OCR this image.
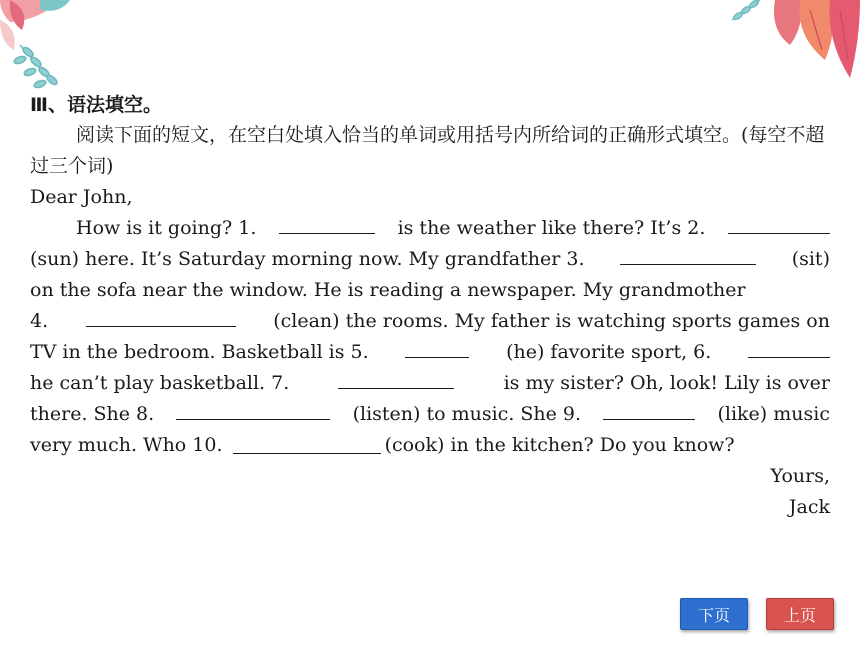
Ⅲ、语法填空。
阅读下面的短文，在空白处填入恰当的单词或用括号内所给词的正确形式填空。(每空不超过三个词)
Dear John,
How is it going? 1.	is the weather like there? It’s 2.
(sun) here. It’s Saturday morning now. My grandfather 3.	(sit)
on the sofa near the window. He is reading a newspaper. My grandmother
4.	(clean) the rooms. My father is watching sports games on
TV in the bedroom. Basketball is 5.	(he) favorite sport, 6.
he can’t play basketball. 7.	is my sister? Oh, look! Lily is over
there. She 8.	(listen) to music. She 9.	(like) music
very much. Who 10.	(cook) in the kitchen? Do you know?
Yours,
Jack
下页	上页
